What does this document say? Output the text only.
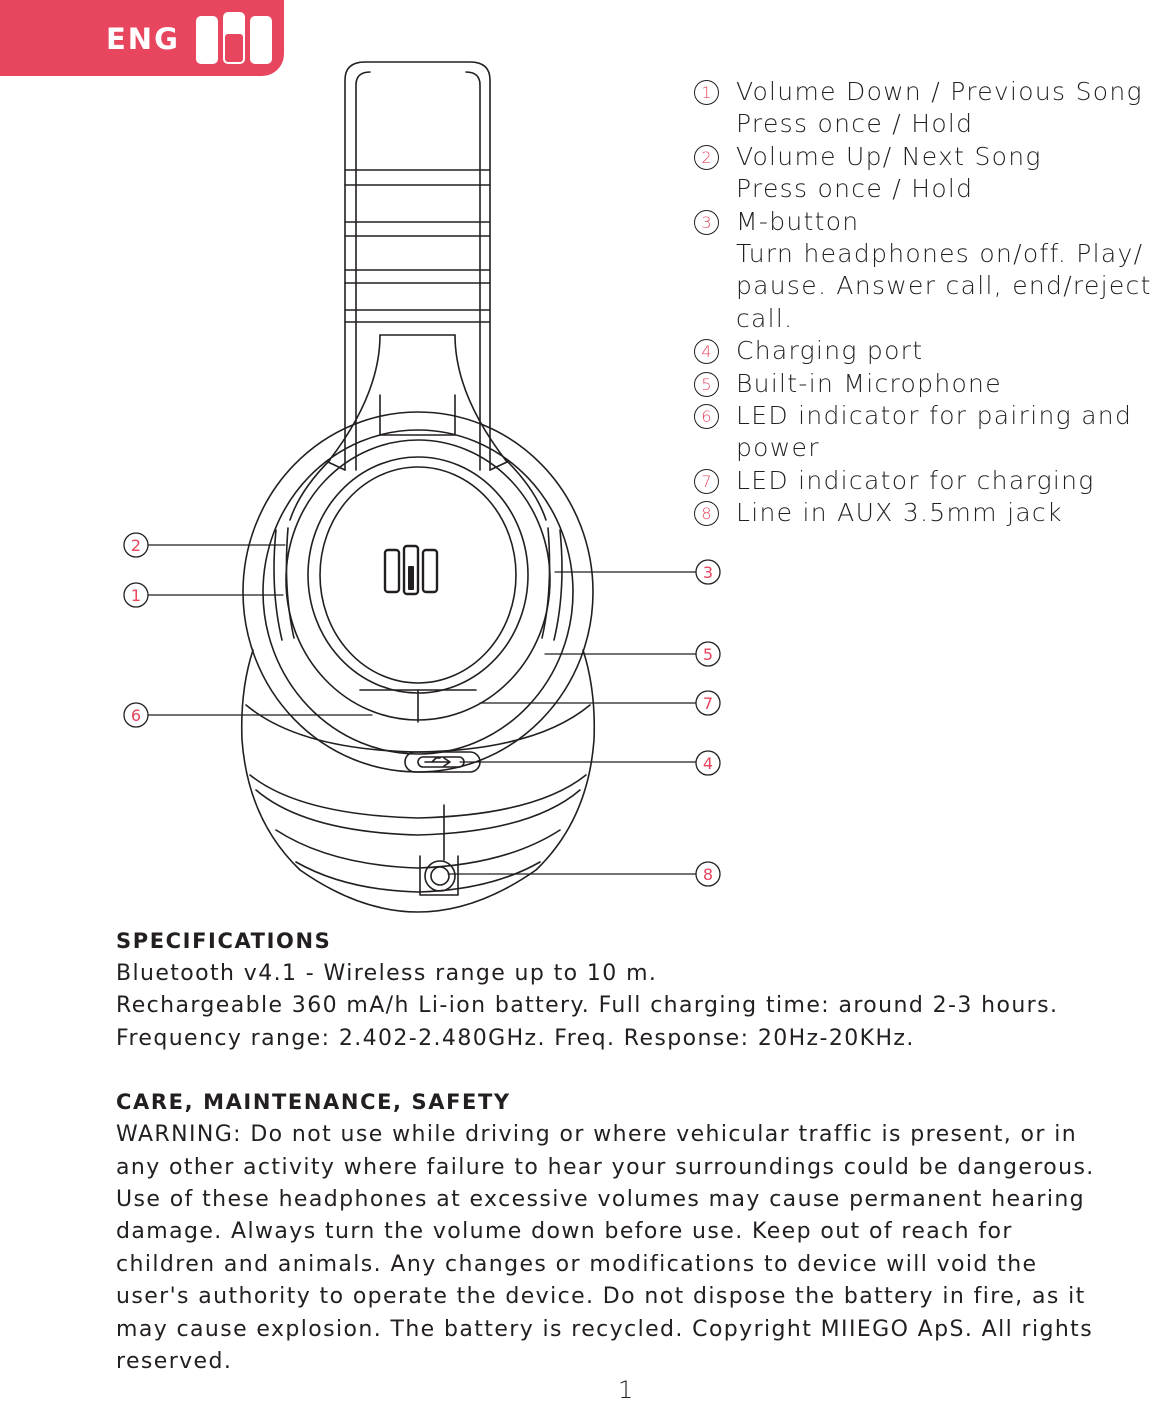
ENG
1 Volume Down / Previous Song
Press once / Hold
2 Volume Up/ Next Song
Press once / Hold
3 M-button
Turn headphones on/off. Play/
pause. Answer call, end/reject
call.
4 Charging port
5 Built-in Microphone
6 LED indicator for pairing and
power
7 LED indicator for charging
8 Line in AUX 3.5mm jack
2
1
6
3
5
7
4
8
SPECIFICATIONS
Bluetooth v4.1 - Wireless range up to 10 m.
Rechargeable 360 mA/h Li-ion battery. Full charging time: around 2-3 hours.
Frequency range: 2.402-2.480GHz. Freq. Response: 20Hz-20KHz.
CARE, MAINTENANCE, SAFETY
WARNING: Do not use while driving or where vehicular traffic is present, or in
any other activity where failure to hear your surroundings could be dangerous.
Use of these headphones at excessive volumes may cause permanent hearing
damage. Always turn the volume down before use. Keep out of reach for
children and animals. Any changes or modifications to device will void the
user's authority to operate the device. Do not dispose the battery in fire, as it
may cause explosion. The battery is recycled. Copyright MIIEGO ApS. All rights
reserved.
1
